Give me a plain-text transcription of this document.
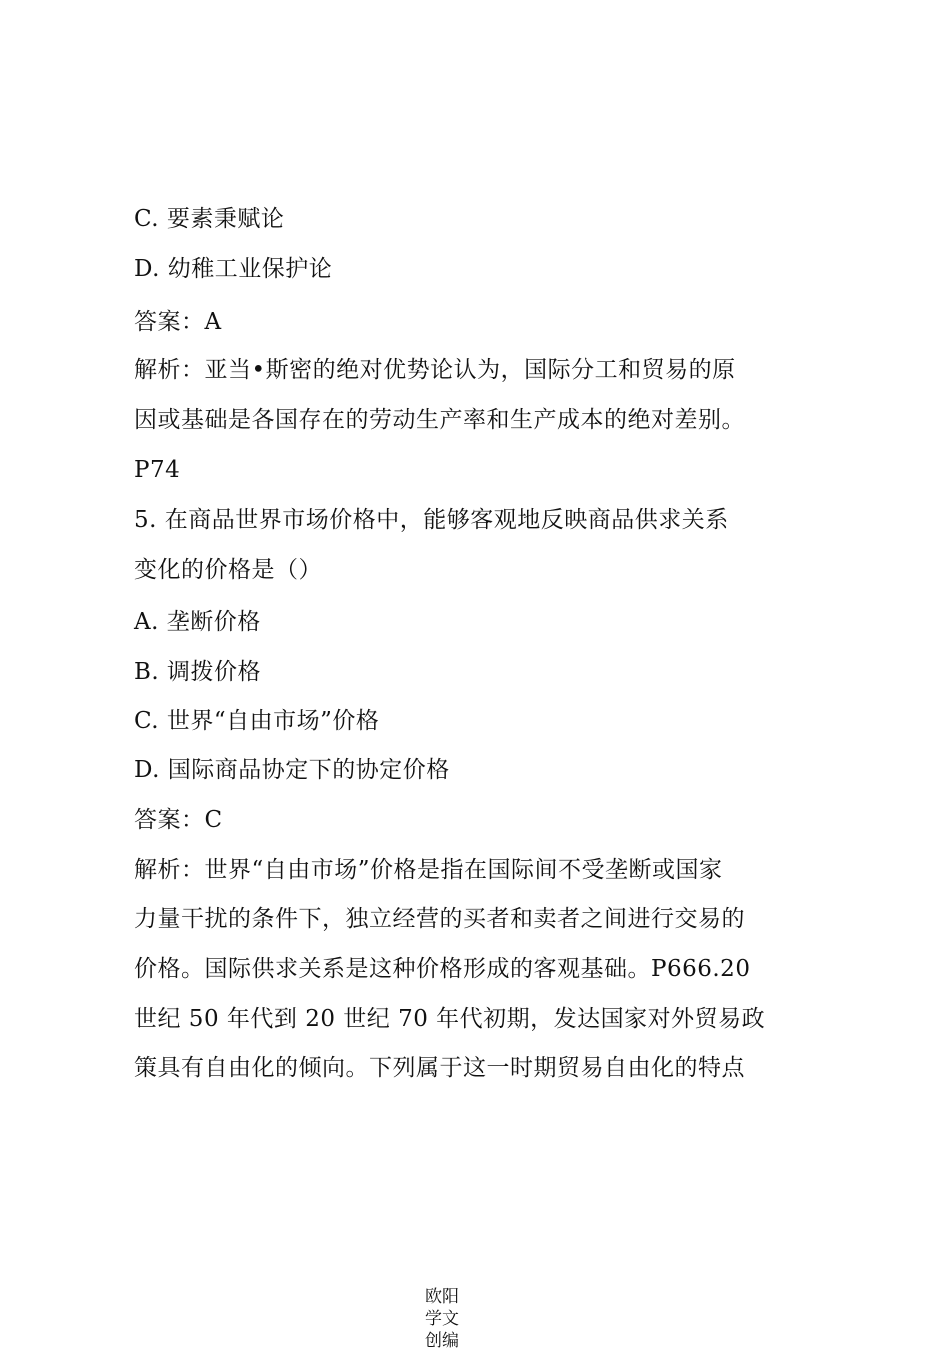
C. 要素秉赋论
D. 幼稚工业保护论
答案：A
解析：亚当•斯密的绝对优势论认为，国际分工和贸易的原
因或基础是各国存在的劳动生产率和生产成本的绝对差别。
P74
5. 在商品世界市场价格中，能够客观地反映商品供求关系
变化的价格是（）
A. 垄断价格
B. 调拨价格
C. 世界“自由市场”价格
D. 国际商品协定下的协定价格
答案：C
解析：世界“自由市场”价格是指在国际间不受垄断或国家
力量干扰的条件下，独立经营的买者和卖者之间进行交易的
价格。国际供求关系是这种价格形成的客观基础。P666.20
世纪 50 年代到 20 世纪 70 年代初期，发达国家对外贸易政
策具有自由化的倾向。下列属于这一时期贸易自由化的特点
欧阳学文创编
